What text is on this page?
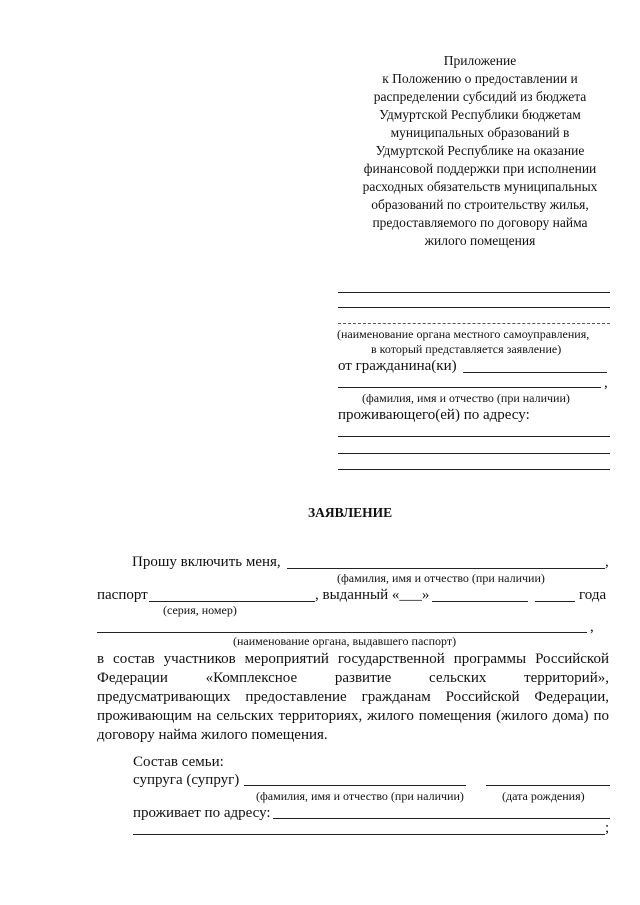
Приложение
к Положению о предоставлении и
распределении субсидий из бюджета
Удмуртской Республики бюджетам
муниципальных образований в
Удмуртской Республике на оказание
финансовой поддержки при исполнении
расходных обязательств муниципальных
образований по строительству жилья,
предоставляемого по договору найма
жилого помещения
(наименование органа местного самоуправления,
в который представляется заявление)
от гражданина(ки)
,
(фамилия, имя и отчество (при наличии)
проживающего(ей) по адресу:
ЗАЯВЛЕНИЕ
Прошу включить меня,	,
(фамилия, имя и отчество (при наличии)
паспорт	, выданный «___»	года
(серия, номер)
,
(наименование органа, выдавшего паспорт)
в состав участников мероприятий государственной программы Российской Федерации «Комплексное развитие сельских территорий», предусматривающих предоставление гражданам Российской Федерации, проживающим на сельских территориях, жилого помещения (жилого дома) по договору найма жилого помещения.
Состав семьи:
супруга (супруг)
(фамилия, имя и отчество (при наличии)	(дата рождения)
проживает по адресу:
;
